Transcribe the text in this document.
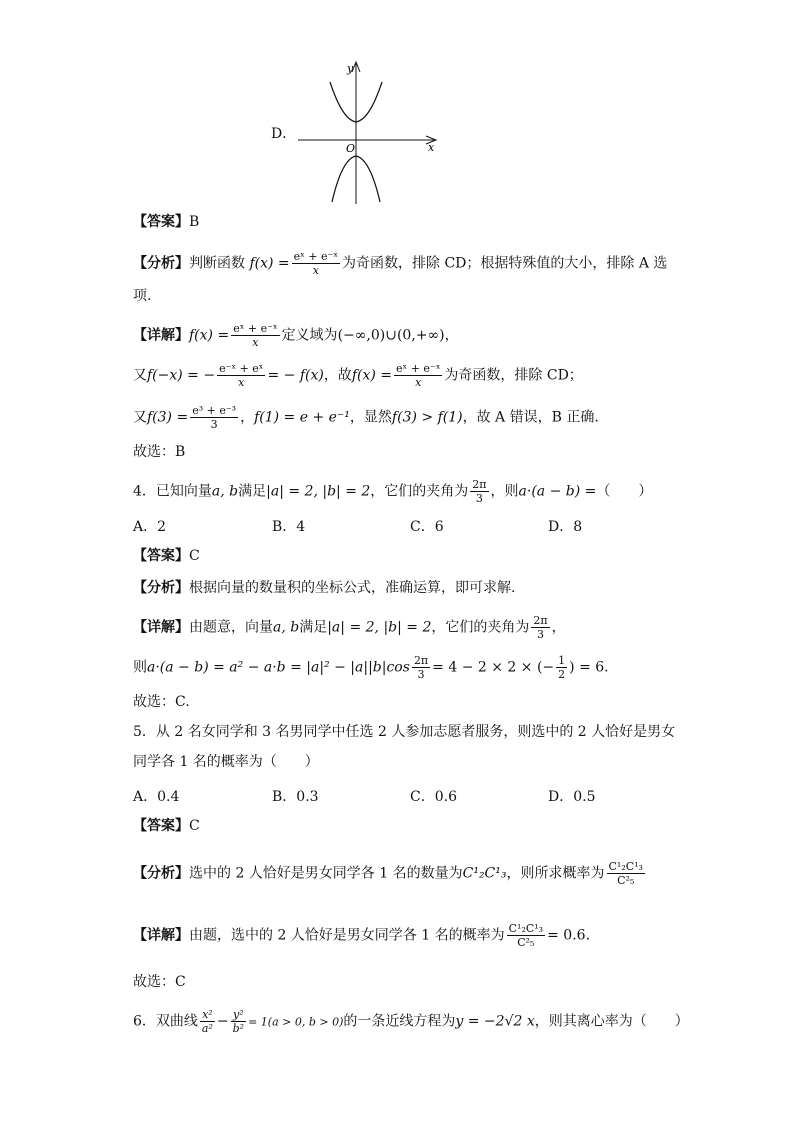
D．
y
x
O
【答案】B
【分析】判断函数 $f(x) = \frac{\text{eˣ + e⁻ˣ}}{x}$ 为奇函数，排除 CD；根据特殊值的大小，排除 A 选
项.
【详解】$f(x) = \frac{\text{eˣ + e⁻ˣ}}{x}$ 定义域为(−∞,0)∪(0,+∞)，
又f(−x) = − $\frac{\text{e⁻ˣ + eˣ}}{x}$ = − f(x)，故$f(x) = \frac{\text{eˣ + e⁻ˣ}}{x}$ 为奇函数，排除 CD；
又$f(3) = \frac{\text{e³ + e⁻³}}{3}$ ，f(1) = e + e⁻¹，显然f(3) > f(1)，故 A 错误，B 正确.
故选：B
4．已知向量a, b满足|a| = 2, |b| = 2，它们的夹角为 $\frac{2\pi}{3}$ ，则a·(a − b) =（　　）
A．2	B．4	C．6	D．8
【答案】C
【分析】根据向量的数量积的坐标公式，准确运算，即可求解.
【详解】由题意，向量a, b满足|a| = 2, |b| = 2，它们的夹角为 $\frac{2\pi}{3}$ ，
则$a\cdot(a - b) = a^2 - a\cdot b = |a|^2 - |a||b|\cos \frac{2\pi}{3} = 4 - 2 \times 2$ × (− $\frac{1}{2}$ ) = 6.
故选：C.
5．从 2 名女同学和 3 名男同学中任选 2 人参加志愿者服务，则选中的 2 人恰好是男女
同学各 1 名的概率为（　　）
A．0.4	B．0.3	C．0.6	D．0.5
【答案】C
【分析】选中的 2 人恰好是男女同学各 1 名的数量为C¹₂C¹₃，则所求概率为 $\frac{\text{C¹₂C¹₃}}{\text{C²₅}}$
【详解】由题，选中的 2 人恰好是男女同学各 1 名的概率为 $\frac{\text{C¹₂C¹₃}}{\text{C²₅}} = 0.6$.
故选：C
6．双曲线 $\frac{\text{x²}}{\text{a²}} - \frac{\text{y²}}{\text{b²}} = 1(a > 0$, b > 0)的一条近线方程为y = −2√2 x，则其离心率为（　　）
